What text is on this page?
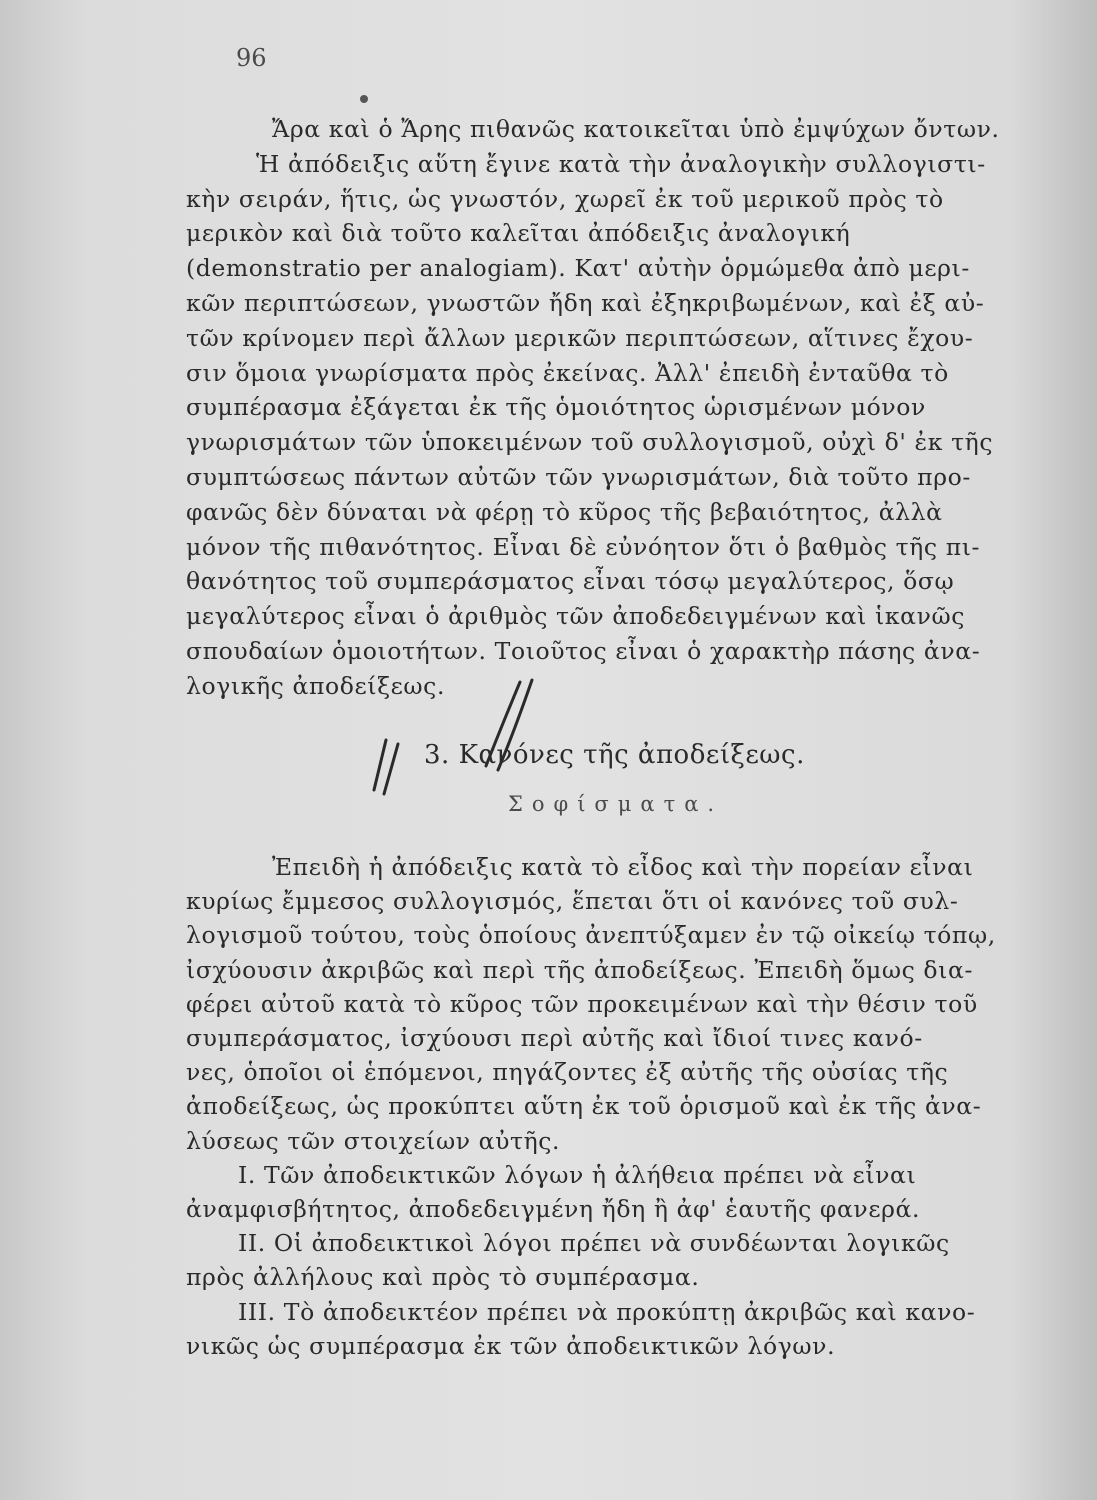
96
Ἄρα καὶ ὁ Ἄρης πιθανῶς κατοικεῖται ὑπὸ ἐμψύχων ὄντων.
Ἡ ἀπόδειξις αὕτη ἔγινε κατὰ τὴν ἀναλογικὴν συλλογιστι-
κὴν σειράν, ἥτις, ὡς γνωστόν, χωρεῖ ἐκ τοῦ μερικοῦ πρὸς τὸ
μερικὸν καὶ διὰ τοῦτο καλεῖται ἀπόδειξις ἀναλογική
(demonstratio per analogiam). Κατ' αὐτὴν ὁρμώμεθα ἀπὸ μερι-
κῶν περιπτώσεων, γνωστῶν ἤδη καὶ ἐξηκριβωμένων, καὶ ἐξ αὐ-
τῶν κρίνομεν περὶ ἄλλων μερικῶν περιπτώσεων, αἵτινες ἔχου-
σιν ὅμοια γνωρίσματα πρὸς ἐκείνας. Ἀλλ' ἐπειδὴ ἐνταῦθα τὸ
συμπέρασμα ἐξάγεται ἐκ τῆς ὁμοιότητος ὡρισμένων μόνον
γνωρισμάτων τῶν ὑποκειμένων τοῦ συλλογισμοῦ, οὐχὶ δ' ἐκ τῆς
συμπτώσεως πάντων αὐτῶν τῶν γνωρισμάτων, διὰ τοῦτο προ-
φανῶς δὲν δύναται νὰ φέρῃ τὸ κῦρος τῆς βεβαιότητος, ἀλλὰ
μόνον τῆς πιθανότητος. Εἶναι δὲ εὐνόητον ὅτι ὁ βαθμὸς τῆς πι-
θανότητος τοῦ συμπεράσματος εἶναι τόσῳ μεγαλύτερος, ὅσῳ
μεγαλύτερος εἶναι ὁ ἀριθμὸς τῶν ἀποδεδειγμένων καὶ ἱκανῶς
σπουδαίων ὁμοιοτήτων. Τοιοῦτος εἶναι ὁ χαρακτὴρ πάσης ἀνα-
λογικῆς ἀποδείξεως.
3. Κανόνες τῆς ἀποδείξεως.
Σοφίσματα.
Ἐπειδὴ ἡ ἀπόδειξις κατὰ τὸ εἶδος καὶ τὴν πορείαν εἶναι
κυρίως ἔμμεσος συλλογισμός, ἕπεται ὅτι οἱ κανόνες τοῦ συλ-
λογισμοῦ τούτου, τοὺς ὁποίους ἀνεπτύξαμεν ἐν τῷ οἰκείῳ τόπῳ,
ἰσχύουσιν ἀκριβῶς καὶ περὶ τῆς ἀποδείξεως. Ἐπειδὴ ὅμως δια-
φέρει αὐτοῦ κατὰ τὸ κῦρος τῶν προκειμένων καὶ τὴν θέσιν τοῦ
συμπεράσματος, ἰσχύουσι περὶ αὐτῆς καὶ ἴδιοί τινες κανό-
νες, ὁποῖοι οἱ ἑπόμενοι, πηγάζοντες ἐξ αὐτῆς τῆς οὐσίας τῆς
ἀποδείξεως, ὡς προκύπτει αὕτη ἐκ τοῦ ὁρισμοῦ καὶ ἐκ τῆς ἀνα-
λύσεως τῶν στοιχείων αὐτῆς.
I. Τῶν ἀποδεικτικῶν λόγων ἡ ἀλήθεια πρέπει νὰ εἶναι
ἀναμφισβήτητος, ἀποδεδειγμένη ἤδη ἢ ἀφ' ἑαυτῆς φανερά.
II. Οἱ ἀποδεικτικοὶ λόγοι πρέπει νὰ συνδέωνται λογικῶς
πρὸς ἀλλήλους καὶ πρὸς τὸ συμπέρασμα.
III. Τὸ ἀποδεικτέον πρέπει νὰ προκύπτῃ ἀκριβῶς καὶ κανο-
νικῶς ὡς συμπέρασμα ἐκ τῶν ἀποδεικτικῶν λόγων.
